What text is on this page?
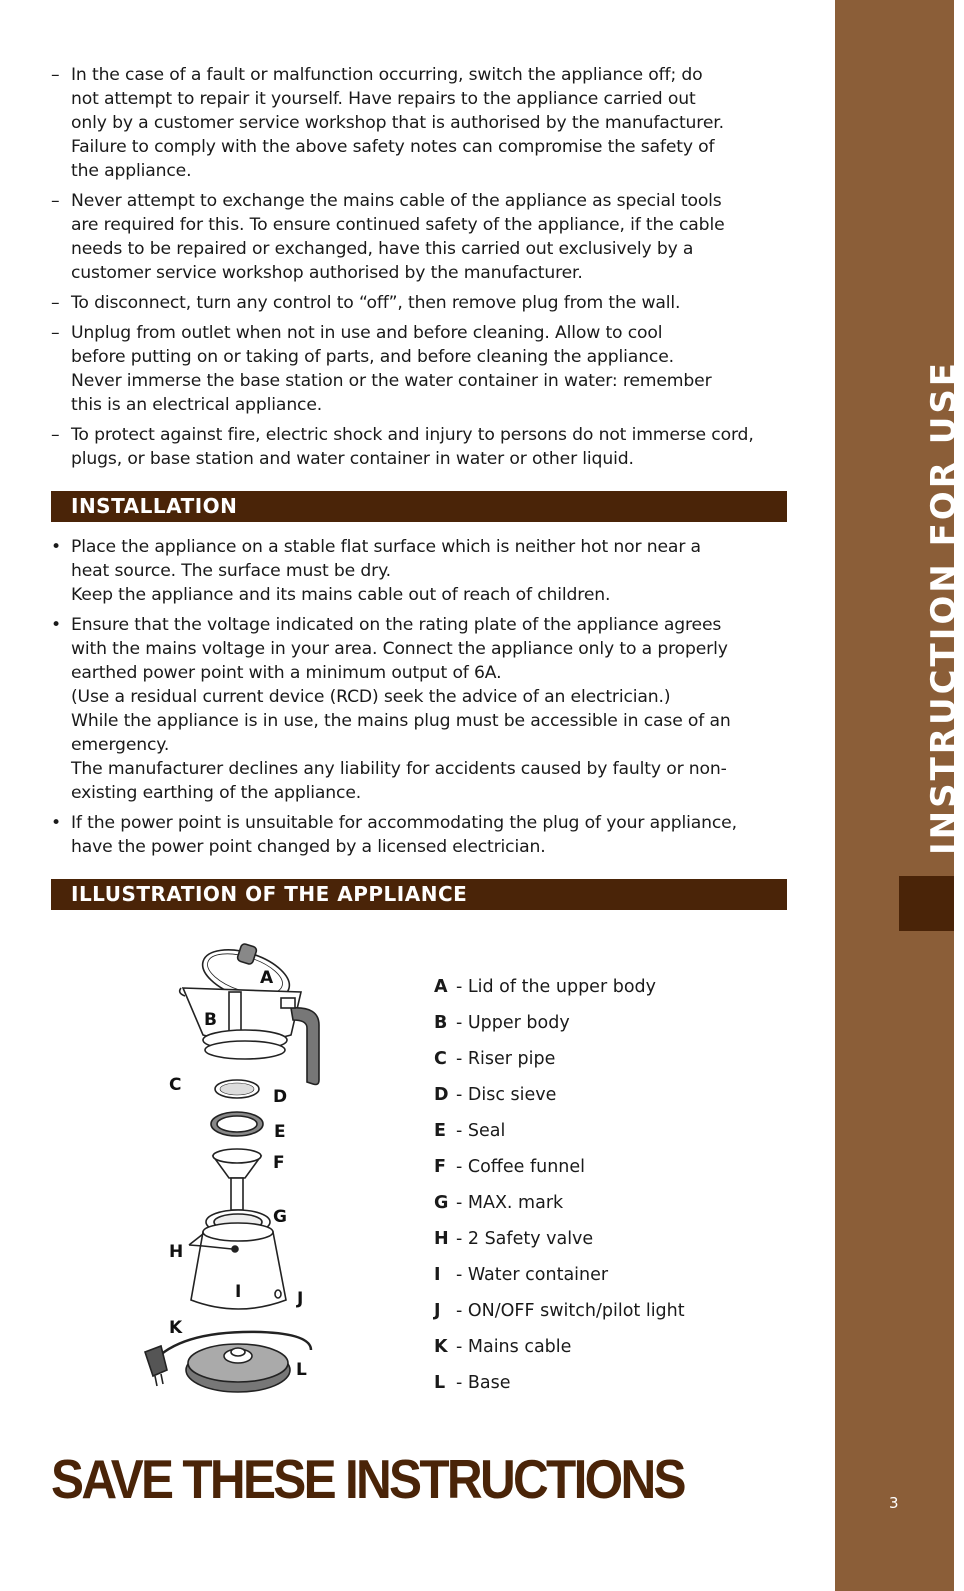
INSTRUCTION FOR USE
3
– In the case of a fault or malfunction occurring, switch the appliance off; do
not attempt to repair it yourself. Have repairs to the appliance carried out
only by a customer service workshop that is authorised by the manufacturer.
Failure to comply with the above safety notes can compromise the safety of
the appliance.
– Never attempt to exchange the mains cable of the appliance as special tools
are required for this. To ensure continued safety of the appliance, if the cable
needs to be repaired or exchanged, have this carried out exclusively by a
customer service workshop authorised by the manufacturer.
– To disconnect, turn any control to “off”, then remove plug from the wall.
– Unplug from outlet when not in use and before cleaning. Allow to cool
before putting on or taking of parts, and before cleaning the appliance.
Never immerse the base station or the water container in water: remember
this is an electrical appliance.
– To protect against fire, electric shock and injury to persons do not immerse cord,
plugs, or base station and water container in water or other liquid.
INSTALLATION
• Place the appliance on a stable flat surface which is neither hot nor near a
heat source. The surface must be dry.
Keep the appliance and its mains cable out of reach of children.
• Ensure that the voltage indicated on the rating plate of the appliance agrees
with the mains voltage in your area. Connect the appliance only to a properly
earthed power point with a minimum output of 6A.
(Use a residual current device (RCD) seek the advice of an electrician.)
While the appliance is in use, the mains plug must be accessible in case of an
emergency.
The manufacturer declines any liability for accidents caused by faulty or non-
existing earthing of the appliance.
• If the power point is unsuitable for accommodating the plug of your appliance,
have the power point changed by a licensed electrician.
ILLUSTRATION OF THE APPLIANCE
A
B
C
D
E
F
G
H
I	J
K
L
A - Lid of the upper body
B - Upper body
C - Riser pipe
D - Disc sieve
E - Seal
F - Coffee funnel
G - MAX. mark
H - 2 Safety valve
I - Water container
J - ON/OFF switch/pilot light
K - Mains cable
L - Base
SAVE THESE INSTRUCTIONS
